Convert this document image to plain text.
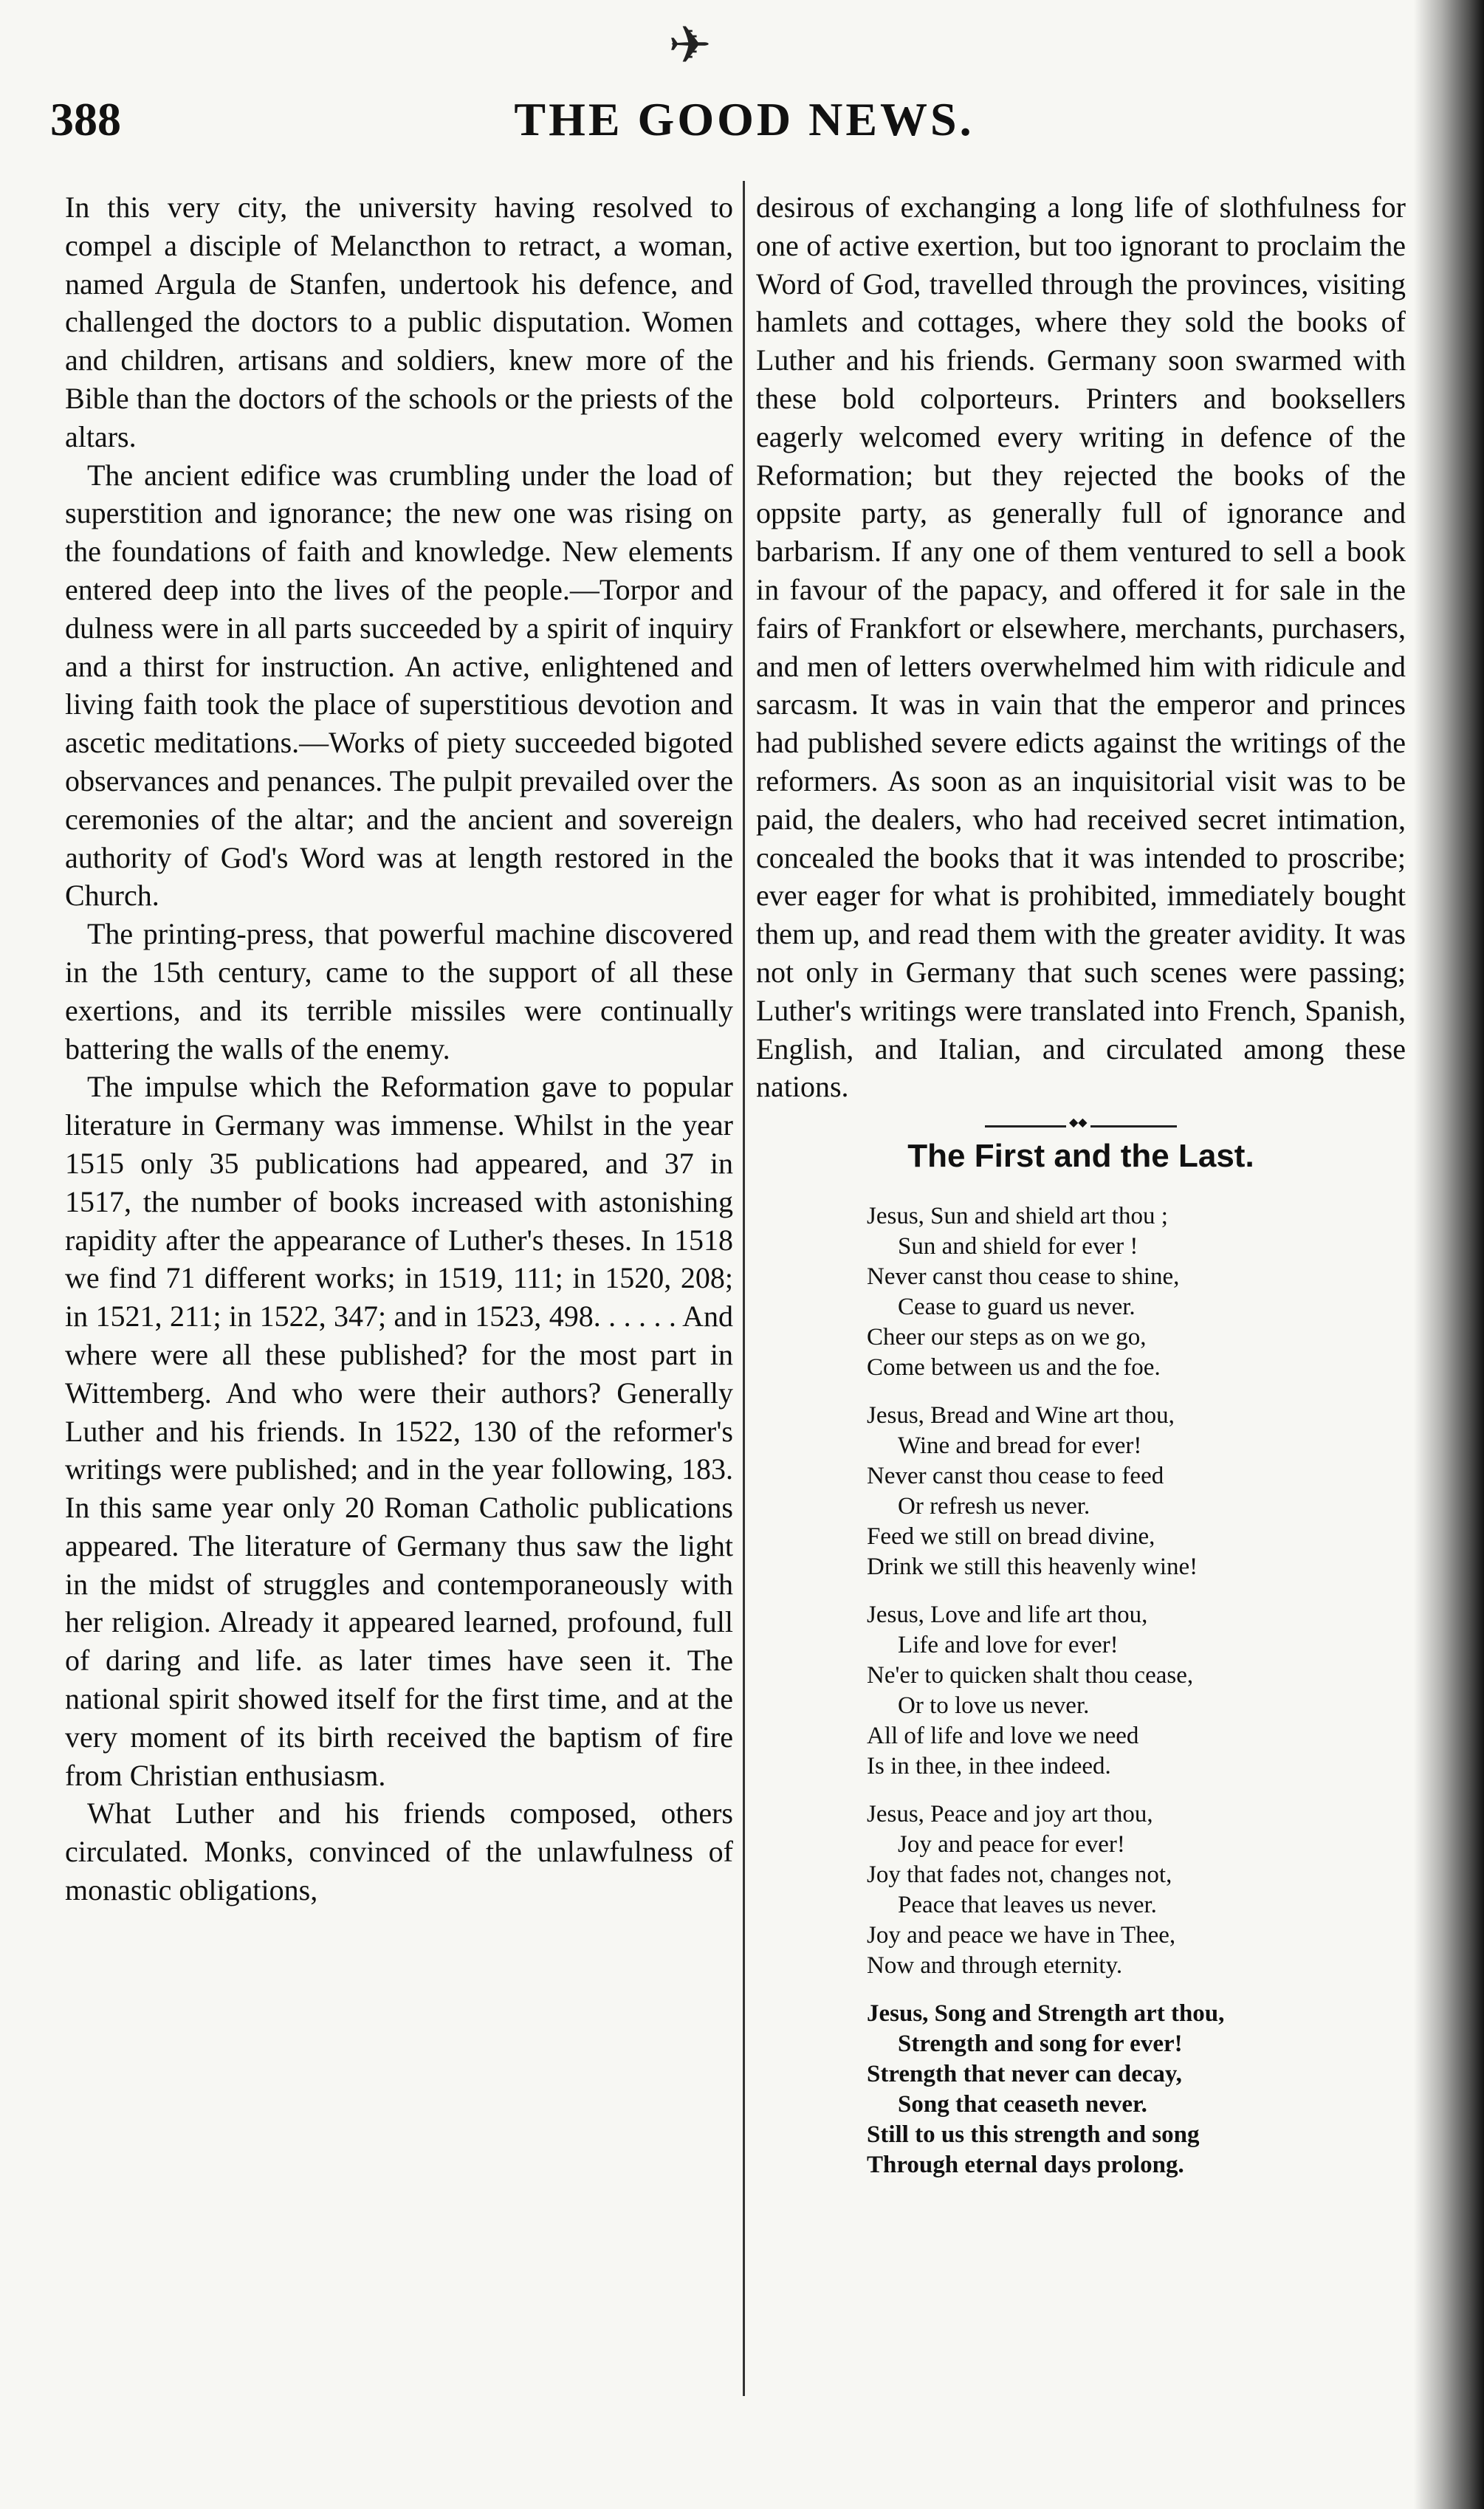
✈
388	THE GOOD NEWS.

In this very city, the university having resolved to compel a disciple of Melancthon to retract, a woman, named Argula de Stanfen, undertook his defence, and challenged the doctors to a public disputation. Women and children, artisans and soldiers, knew more of the Bible than the doctors of the schools or the priests of the altars.

The ancient edifice was crumbling under the load of superstition and ignorance; the new one was rising on the foundations of faith and knowledge. New elements entered deep into the lives of the people.—Torpor and dulness were in all parts succeeded by a spirit of inquiry and a thirst for instruction. An active, enlightened and living faith took the place of superstitious devotion and ascetic meditations.—Works of piety succeeded bigoted observances and penances. The pulpit prevailed over the ceremonies of the altar; and the ancient and sovereign authority of God's Word was at length restored in the Church.

The printing-press, that powerful machine discovered in the 15th century, came to the support of all these exertions, and its terrible missiles were continually battering the walls of the enemy.

The impulse which the Reformation gave to popular literature in Germany was immense. Whilst in the year 1515 only 35 publications had appeared, and 37 in 1517, the number of books increased with astonishing rapidity after the appearance of Luther's theses. In 1518 we find 71 different works; in 1519, 111; in 1520, 208; in 1521, 211; in 1522, 347; and in 1523, 498. . . . . . And where were all these published? for the most part in Wittemberg. And who were their authors? Generally Luther and his friends. In 1522, 130 of the reformer's writings were published; and in the year following, 183. In this same year only 20 Roman Catholic publications appeared. The literature of Germany thus saw the light in the midst of struggles and contemporaneously with her religion. Already it appeared learned, profound, full of daring and life. as later times have seen it. The national spirit showed itself for the first time, and at the very moment of its birth received the baptism of fire from Christian enthusiasm.

What Luther and his friends composed, others circulated. Monks, convinced of the unlawfulness of monastic obligations,

desirous of exchanging a long life of slothfulness for one of active exertion, but too ignorant to proclaim the Word of God, travelled through the provinces, visiting hamlets and cottages, where they sold the books of Luther and his friends. Germany soon swarmed with these bold colporteurs. Printers and booksellers eagerly welcomed every writing in defence of the Reformation; but they rejected the books of the oppsite party, as generally full of ignorance and barbarism. If any one of them ventured to sell a book in favour of the papacy, and offered it for sale in the fairs of Frankfort or elsewhere, merchants, purchasers, and men of letters overwhelmed him with ridicule and sarcasm. It was in vain that the emperor and princes had published severe edicts against the writings of the reformers. As soon as an inquisitorial visit was to be paid, the dealers, who had received secret intimation, concealed the books that it was intended to proscribe; ever eager for what is prohibited, immediately bought them up, and read them with the greater avidity. It was not only in Germany that such scenes were passing; Luther's writings were translated into French, Spanish, English, and Italian, and circulated among these nations.

◆◆
The First and the Last.
Jesus, Sun and shield art thou ;
Sun and shield for ever !
Never canst thou cease to shine,
Cease to guard us never.
Cheer our steps as on we go,
Come between us and the foe.
Jesus, Bread and Wine art thou,
Wine and bread for ever!
Never canst thou cease to feed
Or refresh us never.
Feed we still on bread divine,
Drink we still this heavenly wine!
Jesus, Love and life art thou,
Life and love for ever!
Ne'er to quicken shalt thou cease,
Or to love us never.
All of life and love we need
Is in thee, in thee indeed.
Jesus, Peace and joy art thou,
Joy and peace for ever!
Joy that fades not, changes not,
Peace that leaves us never.
Joy and peace we have in Thee,
Now and through eternity.
Jesus, Song and Strength art thou,
Strength and song for ever!
Strength that never can decay,
Song that ceaseth never.
Still to us this strength and song
Through eternal days prolong.
